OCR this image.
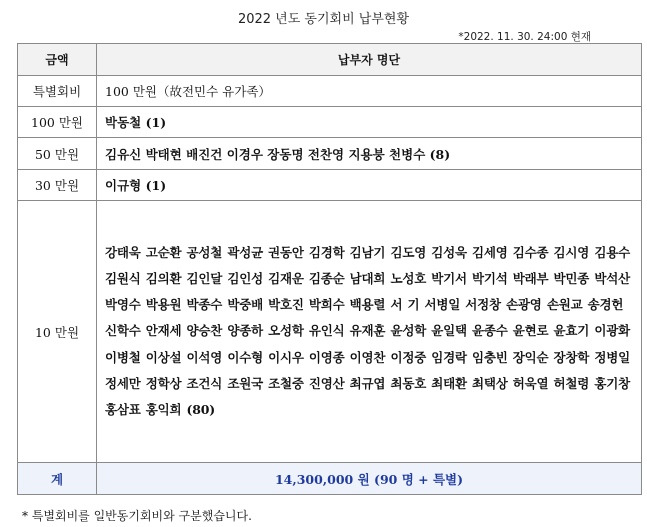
2022 년도 동기회비 납부현황
*2022. 11. 30. 24:00 현재
금액	납부자 명단
특별회비	100 만원（故전민수 유가족）
100 만원	박동철 (1)
50 만원	김유신 박태현 배진건 이경우 장동명 전찬영 지용붕 천병수 (8)
30 만원	이규형 (1)
10 만원	강태욱 고순환 공성철 곽성균 권동안 김경학 김남기 김도영 김성욱 김세영 김수종 김시영 김용수 김원식 김의환 김인달 김인성 김재운 김종순 남대희 노성호 박기서 박기석 박래부 박민종 박석산 박영수 박용원 박종수 박중배 박호진 박희수 백용렬 서 기 서병일 서정창 손광영 손원교 송경헌 신학수 안재세 양승찬 양종하 오성학 유인식 유재훈 윤성학 윤일택 윤종수 윤현로 윤효기 이광화 이병철 이상설 이석영 이수형 이시우 이영종 이영찬 이정중 임경락 임충빈 장익순 장창학 정병일 정세만 정학상 조건식 조원국 조철중 진영산 최규엽 최동호 최태환 최택상 허욱열 허철령 홍기창 홍삼표 홍익희 (80)

계	14,300,000 원 (90 명 + 특별)
* 특별회비를 일반동기회비와 구분했습니다.
